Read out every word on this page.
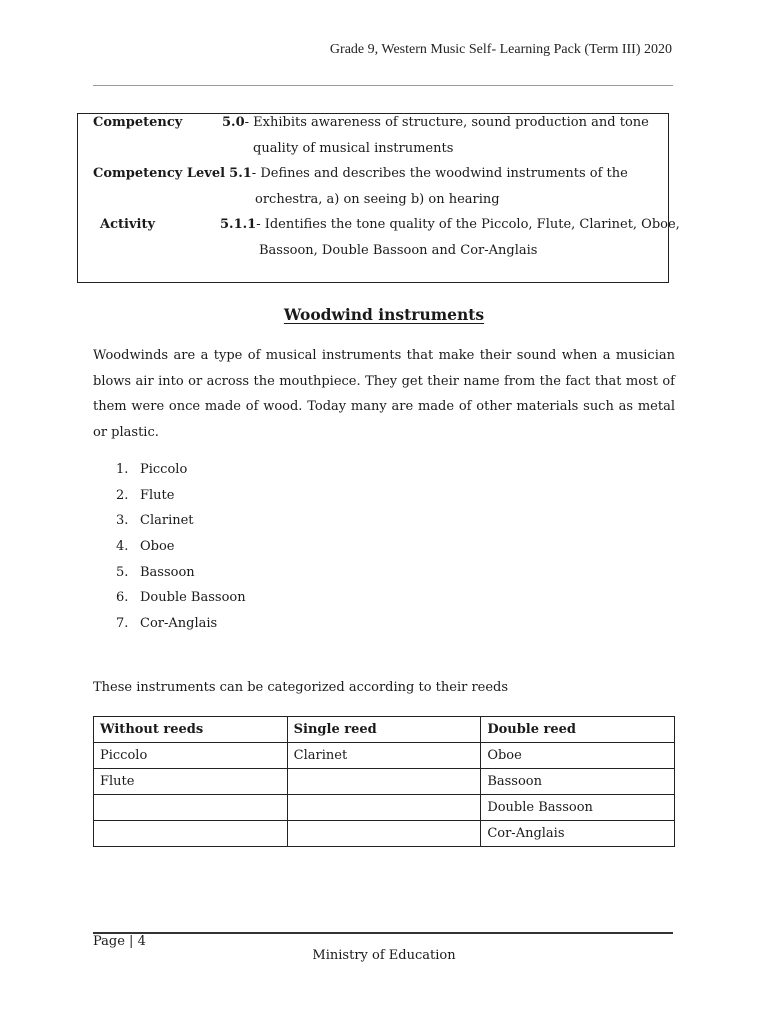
Grade 9, Western Music Self- Learning Pack (Term III) 2020
Competency	5.0- Exhibits awareness of structure, sound production and tone
quality of musical instruments
Competency Level 5.1- Defines and describes the woodwind instruments of the
orchestra, a) on seeing b) on hearing
Activity	5.1.1- Identifies the tone quality of the Piccolo, Flute, Clarinet, Oboe,
Bassoon, Double Bassoon and Cor-Anglais
Woodwind instruments
Woodwinds are a type of musical instruments that make their sound when a musician blows air into or across the mouthpiece. They get their name from the fact that most of them were once made of wood. Today many are made of other materials such as metal or plastic.
1. Piccolo
2. Flute
3. Clarinet
4. Oboe
5. Bassoon
6. Double Bassoon
7. Cor-Anglais
These instruments can be categorized according to their reeds
Without reeds	Single reed	Double reed
Piccolo	Clarinet	Oboe
Flute		Bassoon
		Double Bassoon
		Cor-Anglais
Page | 4
Ministry of Education
